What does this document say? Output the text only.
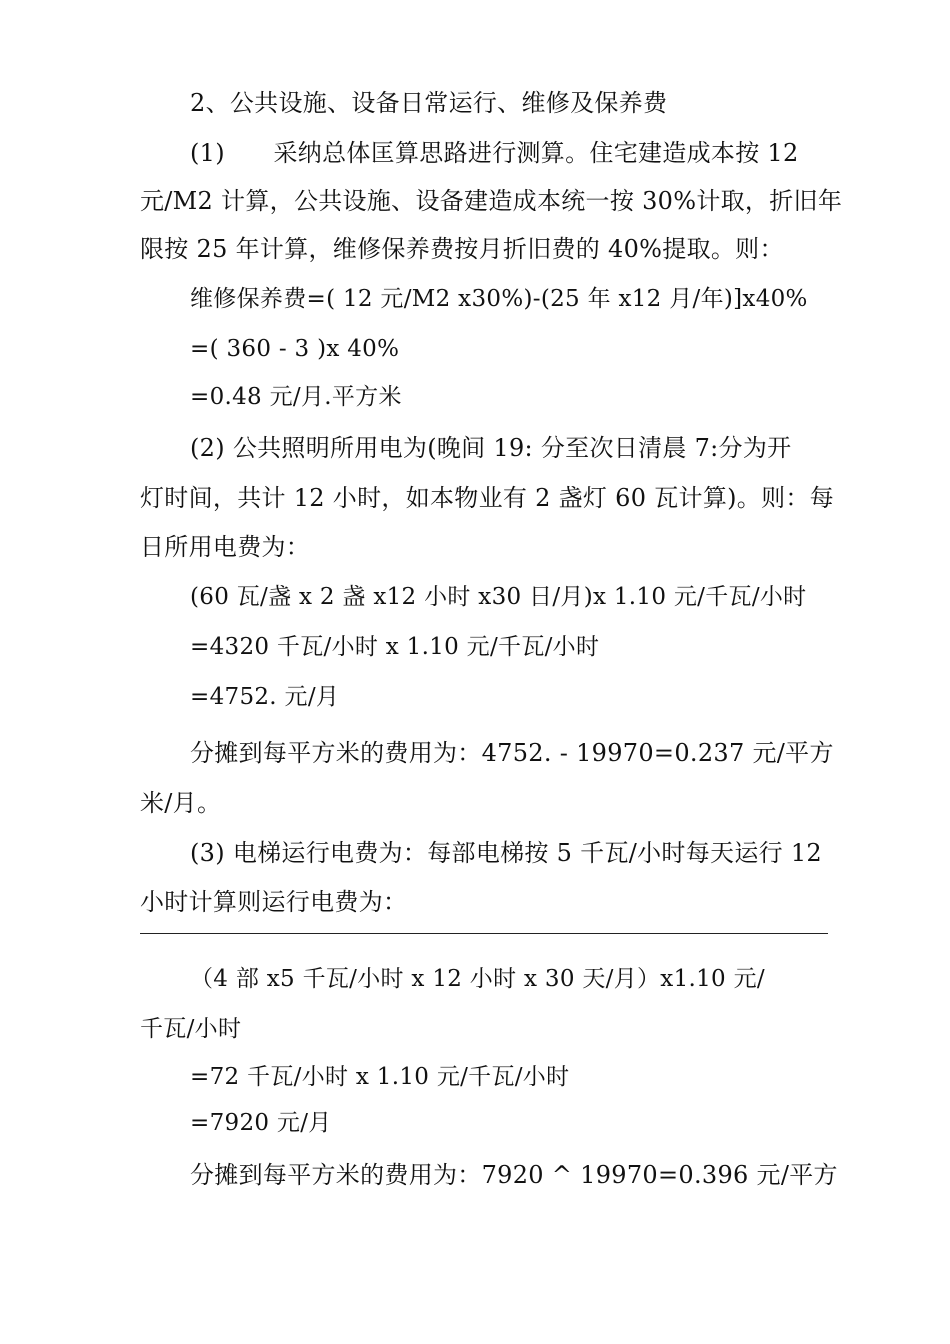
2、公共设施、设备日常运行、维修及保养费
(1)　　采纳总体匡算思路进行测算。住宅建造成本按 12
元/M2 计算，公共设施、设备建造成本统一按 30%计取，折旧年
限按 25 年计算，维修保养费按月折旧费的 40%提取。则：
维修保养费=( 12 元/M2 x30%)-(25 年 x12 月/年)]x40%
=( 360 - 3 )x 40%
=0.48 元/月.平方米
(2) 公共照明所用电为(晚间 19: 分至次日清晨 7:分为开
灯时间，共计 12 小时，如本物业有 2 盏灯 60 瓦计算)。则：每
日所用电费为：
(60 瓦/盏 x 2 盏 x12 小时 x30 日/月)x 1.10 元/千瓦/小时
=4320 千瓦/小时 x 1.10 元/千瓦/小时
=4752. 元/月
分摊到每平方米的费用为：4752. - 19970=0.237 元/平方
米/月。
(3) 电梯运行电费为：每部电梯按 5 千瓦/小时每天运行 12
小时计算则运行电费为：
（4 部 x5 千瓦/小时 x 12 小时 x 30 天/月）x1.10 元/
千瓦/小时
=72 千瓦/小时 x 1.10 元/千瓦/小时
=7920 元/月
分摊到每平方米的费用为：7920 ^ 19970=0.396 元/平方
